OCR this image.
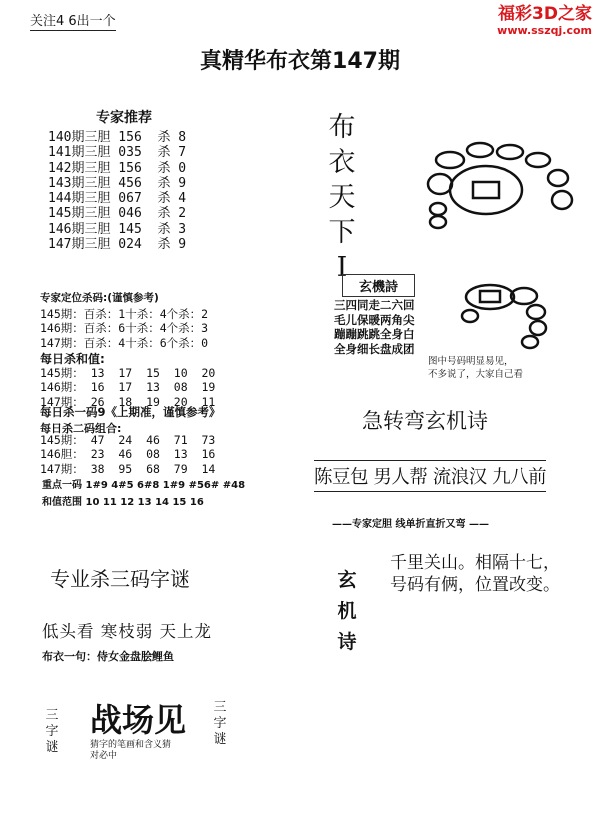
关注4 6出一个	福彩3D之家
www.sszqj.com
真精华布衣第147期
专家推荐
140期三胆 156  杀 8
141期三胆 035  杀 7
142期三胆 156  杀 0
143期三胆 456  杀 9
144期三胆 067  杀 4
145期三胆 046  杀 2
146期三胆 145  杀 3
147期三胆 024  杀 9
布
衣
天
下
I
专家定位杀码:(谨慎参考)
145期：百杀：1十杀：4个杀：2
146期：百杀：6十杀：4个杀：3
147期：百杀：4十杀：6个杀：0
每日杀和值:
145期： 13  17  15  10  20
146期： 16  17  13  08  19
147期： 26  18  19  20  11
每日杀一码9《上期准，谨慎参考》
每日杀二码组合:
145期： 47  24  46  71  73
146胆： 23  46  08  13  16
147期： 38  95  68  79  14
重点一码 1#9 4#5 6#8 1#9 #56# #48
和值范围 10 11 12 13 14 15 16
玄機詩
三四同走二六回
毛儿保暖两角尖
蹦蹦跳跳全身白
全身细长盘成团
图中号码明显易见，
不多说了，大家自己看
急转弯玄机诗
陈豆包 男人帮 流浪汉 九八前
——专家定胆 线单折直折又弯 ——
玄
机
诗
千里关山。相隔十七，
号码有俩，位置改变。
专业杀三码字谜
低头看 寒枝弱 天上龙
布衣一句：侍女金盘脍鲤鱼
三
字
谜
战场见 三
字
谜
猜字的笔画和含义猜
对必中
